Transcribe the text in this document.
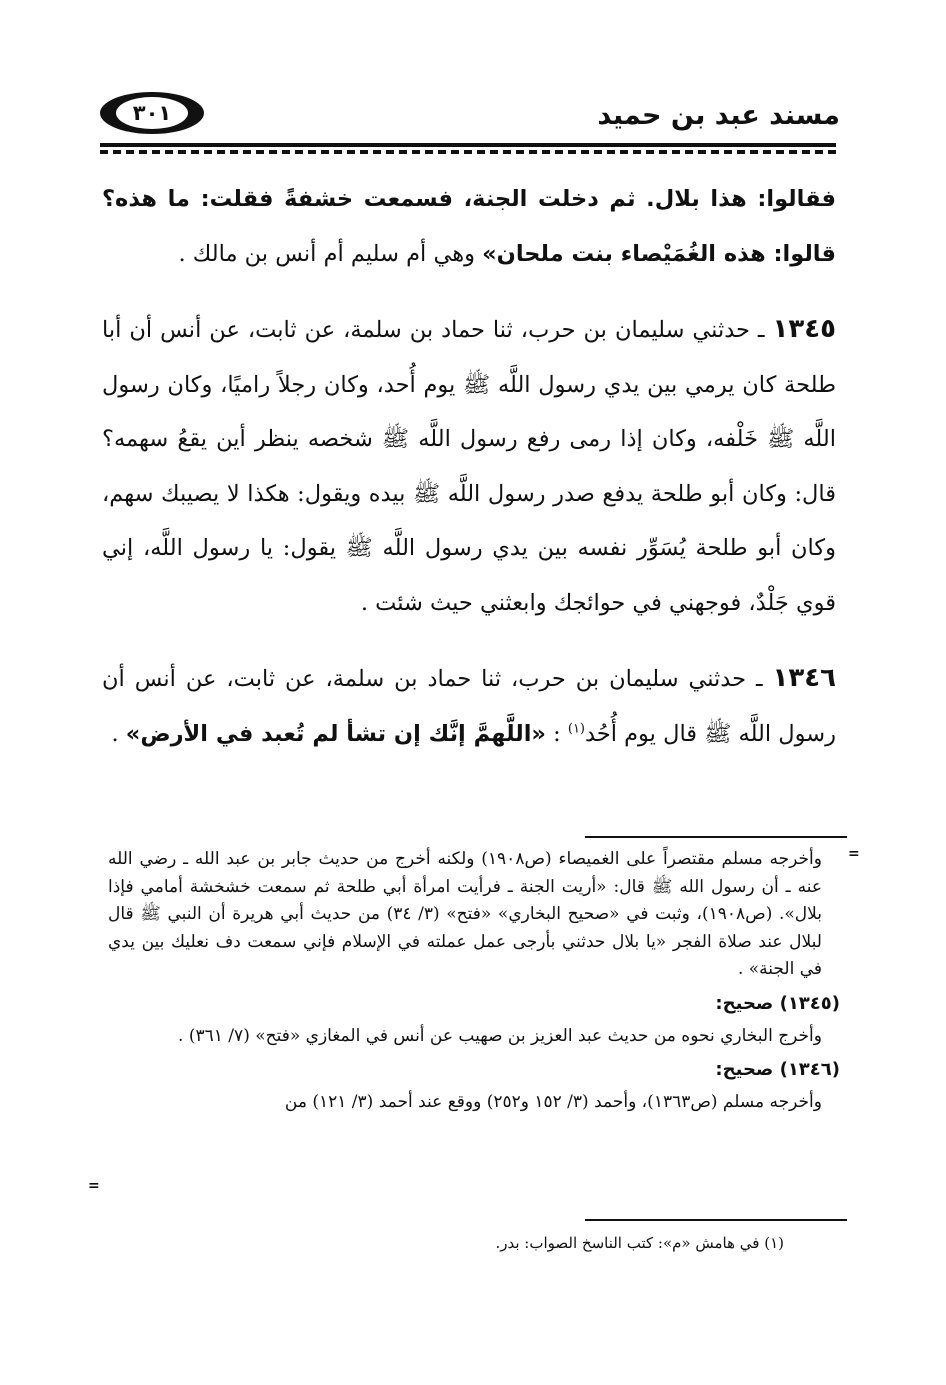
٣٠١	مسند عبد بن حميد

فقالوا: هذا بلال. ثم دخلت الجنة، فسمعت خشفةً فقلت: ما هذه؟ قالوا: هذه الغُمَيْصاء بنت ملحان» وهي أم سليم أم أنس بن مالك .

١٣٤٥ ـ حدثني سليمان بن حرب، ثنا حماد بن سلمة، عن ثابت، عن أنس أن أبا طلحة كان يرمي بين يدي رسول اللَّه ﷺ يوم أُحد، وكان رجلاً راميًا، وكان رسول اللَّه ﷺ خَلْفه، وكان إذا رمى رفع رسول اللَّه ﷺ شخصه ينظر أين يقعُ سهمه؟ قال: وكان أبو طلحة يدفع صدر رسول اللَّه ﷺ بيده ويقول: هكذا لا يصيبك سهم، وكان أبو طلحة يُسَوِّر نفسه بين يدي رسول اللَّه ﷺ يقول: يا رسول اللَّه، إني قوي جَلْدٌ، فوجهني في حوائجك وابعثني حيث شئت .

١٣٤٦ ـ حدثني سليمان بن حرب، ثنا حماد بن سلمة، عن ثابت، عن أنس أن رسول اللَّه ﷺ قال يوم أُحُد$^{(١)}$ : «اللَّهمَّ إنَّك إن تشأ لم تُعبد في الأرض» .

=

وأخرجه مسلم مقتصراً على الغميصاء (ص١٩٠٨) ولكنه أخرج من حديث جابر بن عبد الله ـ رضي الله عنه ـ أن رسول الله ﷺ قال: «أريت الجنة ـ فرأيت امرأة أبي طلحة ثم سمعت خشخشة أمامي فإذا بلال». (ص١٩٠٨)، وثبت في «صحيح البخاري» «فتح» (٣/ ٣٤) من حديث أبي هريرة أن النبي ﷺ قال لبلال عند صلاة الفجر «يا بلال حدثني بأرجى عمل عملته في الإسلام فإني سمعت دف نعليك بين يدي في الجنة» .

(١٣٤٥) صحيح:

وأخرج البخاري نحوه من حديث عبد العزيز بن صهيب عن أنس في المغازي «فتح» (٧/ ٣٦١) .

(١٣٤٦) صحيح:

وأخرجه مسلم (ص١٣٦٣)، وأحمد (٣/ ١٥٢ و٢٥٢) ووقع عند أحمد (٣/ ١٢١) من

=
(١) في هامش «م»: كتب الناسخ الصواب: بدر.
